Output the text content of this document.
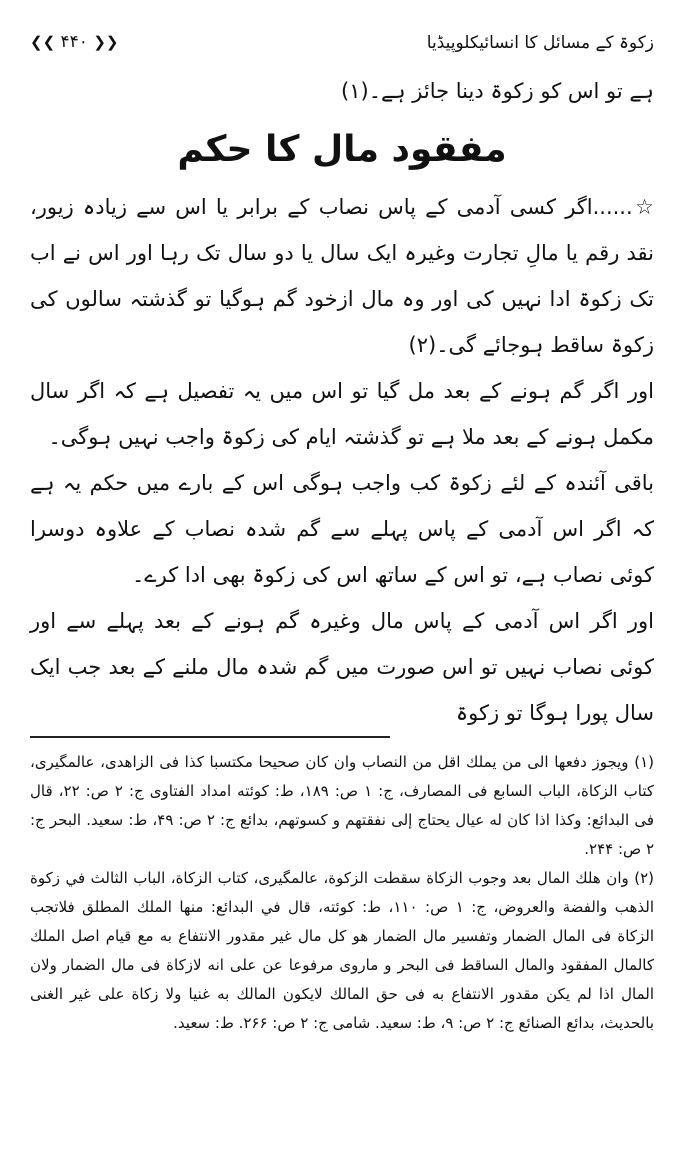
❮❮ ۴۴۰ ❯❯	زکوۃ کے مسائل کا انسائیکلوپیڈیا

ہے تو اس کو زکوۃ دینا جائز ہے۔(۱)

مفقود مال کا حکم

☆......اگر کسی آدمی کے پاس نصاب کے برابر یا اس سے زیادہ زیور، نقد رقم یا مالِ تجارت وغیرہ ایک سال یا دو سال تک رہا اور اس نے اب تک زکوۃ ادا نہیں کی اور وہ مال ازخود گم ہوگیا تو گذشتہ سالوں کی زکوۃ ساقط ہوجائے گی۔(۲)

اور اگر گم ہونے کے بعد مل گیا تو اس میں یہ تفصیل ہے کہ اگر سال مکمل ہونے کے بعد ملا ہے تو گذشتہ ایام کی زکوۃ واجب نہیں ہوگی۔

باقی آئندہ کے لئے زکوۃ کب واجب ہوگی اس کے بارے میں حکم یہ ہے کہ اگر اس آدمی کے پاس پہلے سے گم شدہ نصاب کے علاوہ دوسرا کوئی نصاب ہے، تو اس کے ساتھ اس کی زکوۃ بھی ادا کرے۔

اور اگر اس آدمی کے پاس مال وغیرہ گم ہونے کے بعد پہلے سے اور کوئی نصاب نہیں تو اس صورت میں گم شدہ مال ملنے کے بعد جب ایک سال پورا ہوگا تو زکوۃ

(۱) ويجوز دفعها الى من يملك اقل من النصاب وان كان صحيحا مكتسبا كذا فى الزاهدى، عالمگيرى، كتاب الزكاة، الباب السابع فى المصارف، ج: ۱ ص: ۱۸۹، ط: كوئته امداد الفتاوى ج: ۲ ص: ۲۲، قال فى البدائع: وكذا اذا كان له عيال يحتاج إلى نفقتهم و كسوتهم، بدائع ج: ۲ ص: ۴۹، ط: سعيد. البحر ج: ۲ ص: ۲۴۴.

(۲) وان هلك المال بعد وجوب الزكاة سقطت الزكوة، عالمگيرى، كتاب الزكاة، الباب الثالث في زكوة الذهب والفضة والعروض، ج: ۱ ص: ۱۱۰، ط: كوئته، قال في البدائع: منها الملك المطلق فلاتجب الزكاة فى المال الضمار وتفسير مال الضمار هو كل مال غير مقدور الانتفاع به مع قيام اصل الملك كالمال المفقود والمال الساقط فى البحر و ماروى مرفوعا عن على انه لازكاة فى مال الضمار ولان المال اذا لم يكن مقدور الانتفاع به فى حق المالك لايكون المالك به غنيا ولا زكاة على غير الغنى بالحديث، بدائع الصنائع ج: ۲ ص: ۹، ط: سعيد. شامى ج: ۲ ص: ۲۶۶. ط: سعيد.
